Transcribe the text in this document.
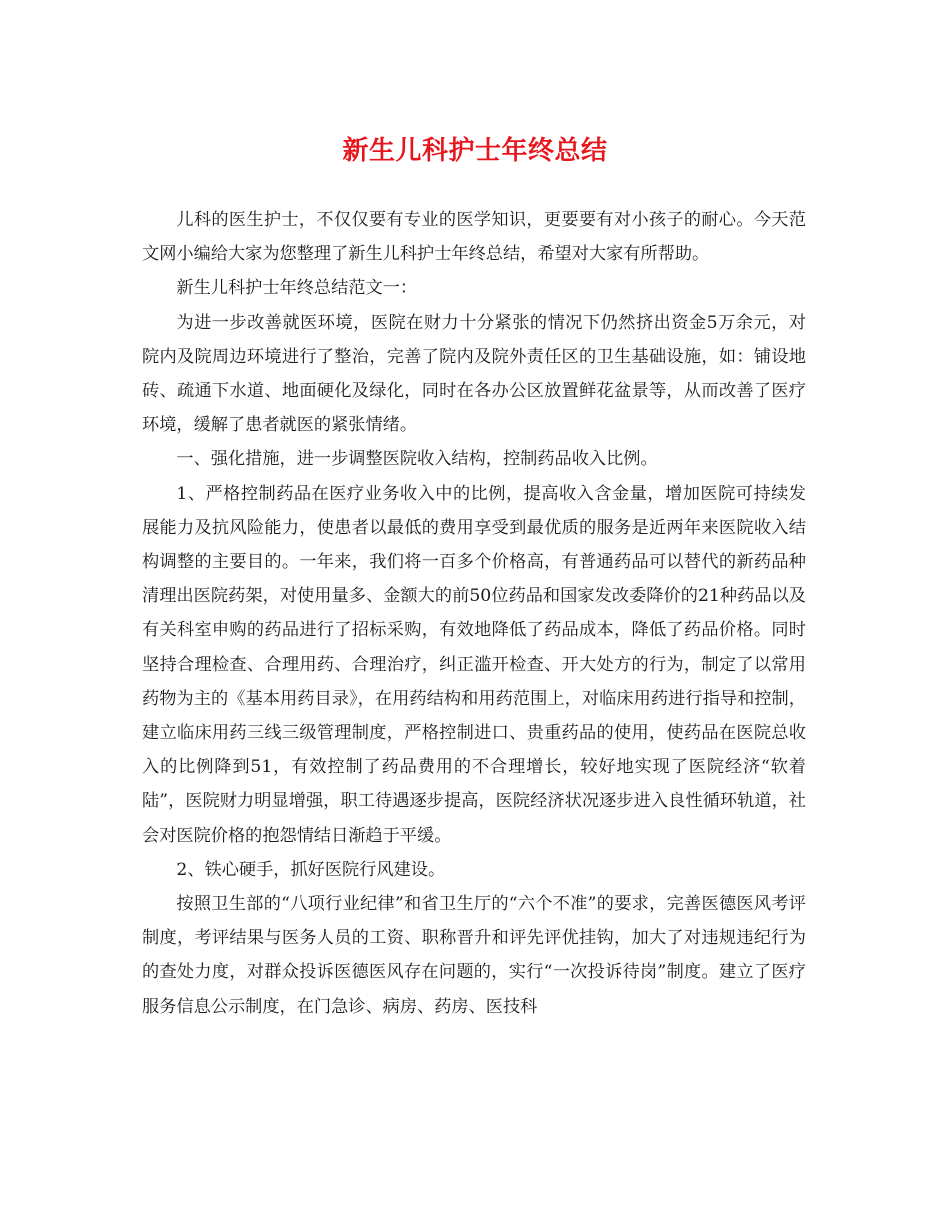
新生儿科护士年终总结

儿科的医生护士，不仅仅要有专业的医学知识，更要要有对小孩子的耐心。今天范文网小编给大家为您整理了新生儿科护士年终总结，希望对大家有所帮助。

新生儿科护士年终总结范文一：

为进一步改善就医环境，医院在财力十分紧张的情况下仍然挤出资金5万余元，对院内及院周边环境进行了整治，完善了院内及院外责任区的卫生基础设施，如：铺设地砖、疏通下水道、地面硬化及绿化，同时在各办公区放置鲜花盆景等，从而改善了医疗环境，缓解了患者就医的紧张情绪。

一、强化措施，进一步调整医院收入结构，控制药品收入比例。

1、严格控制药品在医疗业务收入中的比例，提高收入含金量，增加医院可持续发展能力及抗风险能力，使患者以最低的费用享受到最优质的服务是近两年来医院收入结构调整的主要目的。一年来，我们将一百多个价格高，有普通药品可以替代的新药品种清理出医院药架，对使用量多、金额大的前50位药品和国家发改委降价的21种药品以及有关科室申购的药品进行了招标采购，有效地降低了药品成本，降低了药品价格。同时坚持合理检查、合理用药、合理治疗，纠正滥开检查、开大处方的行为，制定了以常用药物为主的《基本用药目录》，在用药结构和用药范围上，对临床用药进行指导和控制，建立临床用药三线三级管理制度，严格控制进口、贵重药品的使用，使药品在医院总收入的比例降到51，有效控制了药品费用的不合理增长，较好地实现了医院经济“软着陆”，医院财力明显增强，职工待遇逐步提高，医院经济状况逐步进入良性循环轨道，社会对医院价格的抱怨情结日渐趋于平缓。

2、铁心硬手，抓好医院行风建设。

按照卫生部的“八项行业纪律”和省卫生厅的“六个不准”的要求，完善医德医风考评制度，考评结果与医务人员的工资、职称晋升和评先评优挂钩，加大了对违规违纪行为的查处力度，对群众投诉医德医风存在问题的，实行“一次投诉待岗”制度。建立了医疗服务信息公示制度，在门急诊、病房、药房、医技科
